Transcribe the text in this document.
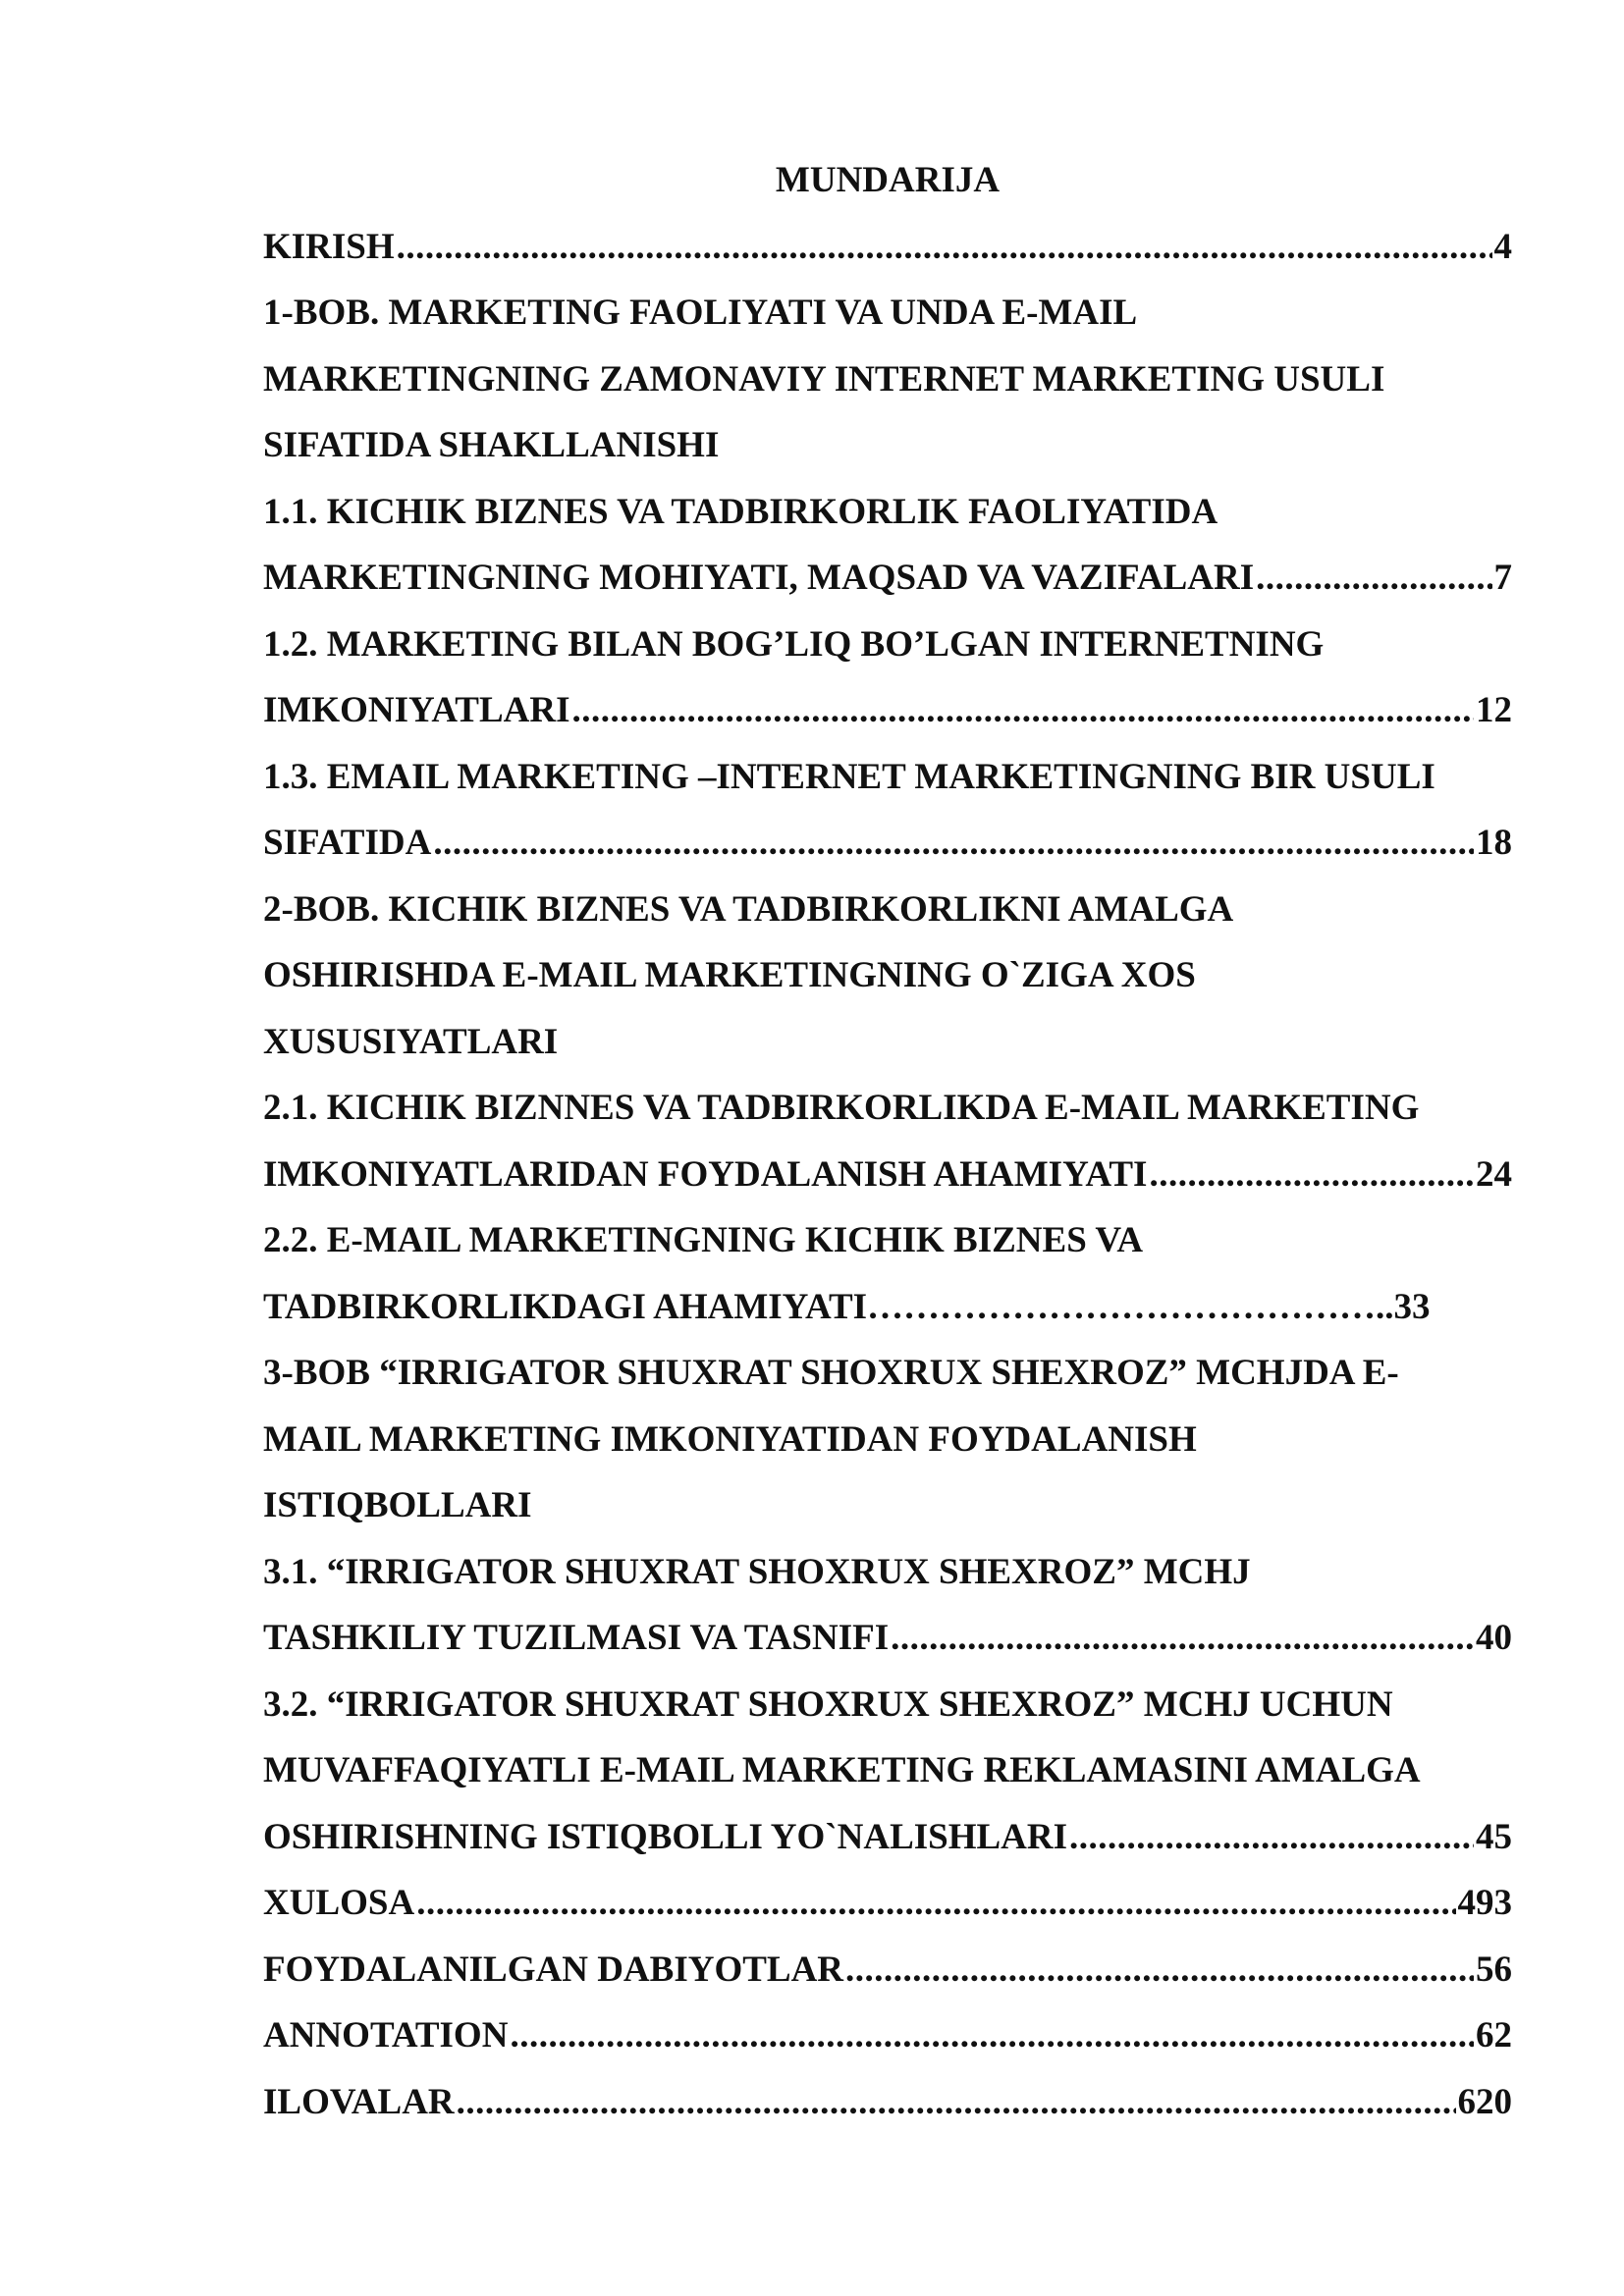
MUNDARIJA
KIRISH .....	4
1-BOB. MARKETING FAOLIYATI VA UNDA E-MAIL
MARKETINGNING ZAMONAVIY INTERNET MARKETING USULI
SIFATIDA SHAKLLANISHI
1.1. KICHIK BIZNES VA TADBIRKORLIK FAOLIYATIDA
MARKETINGNING MOHIYATI, MAQSAD VA VAZIFALARI .....	7
1.2. MARKETING BILAN BOG’LIQ BO’LGAN INTERNETNING
IMKONIYATLARI .....	12
1.3. EMAIL MARKETING –INTERNET MARKETINGNING BIR USULI
SIFATIDA .....	18
2-BOB. KICHIK BIZNES VA TADBIRKORLIKNI AMALGA
OSHIRISHDA E-MAIL MARKETINGNING O`ZIGA XOS
XUSUSIYATLARI
2.1. KICHIK BIZNNES VA TADBIRKORLIKDA E-MAIL MARKETING
IMKONIYATLARIDAN FOYDALANISH AHAMIYATI .....	24
2.2. E-MAIL MARKETINGNING KICHIK BIZNES VA
TADBIRKORLIKDAGI AHAMIYATI……………………………………..33
3-BOB “IRRIGATOR SHUXRAT SHOXRUX SHEXROZ” MCHJDA E-
MAIL MARKETING IMKONIYATIDAN FOYDALANISH
ISTIQBOLLARI
3.1. “IRRIGATOR SHUXRAT SHOXRUX SHEXROZ” MCHJ
TASHKILIY TUZILMASI VA TASNIFI .....	40
3.2. “IRRIGATOR SHUXRAT SHOXRUX SHEXROZ” MCHJ UCHUN
MUVAFFAQIYATLI E-MAIL MARKETING REKLAMASINI AMALGA
OSHIRISHNING ISTIQBOLLI YO`NALISHLARI .....	45
XULOSA .....	493
FOYDALANILGAN DABIYOTLAR .....	56
ANNOTATION .....	62
ILOVALAR .....	620
